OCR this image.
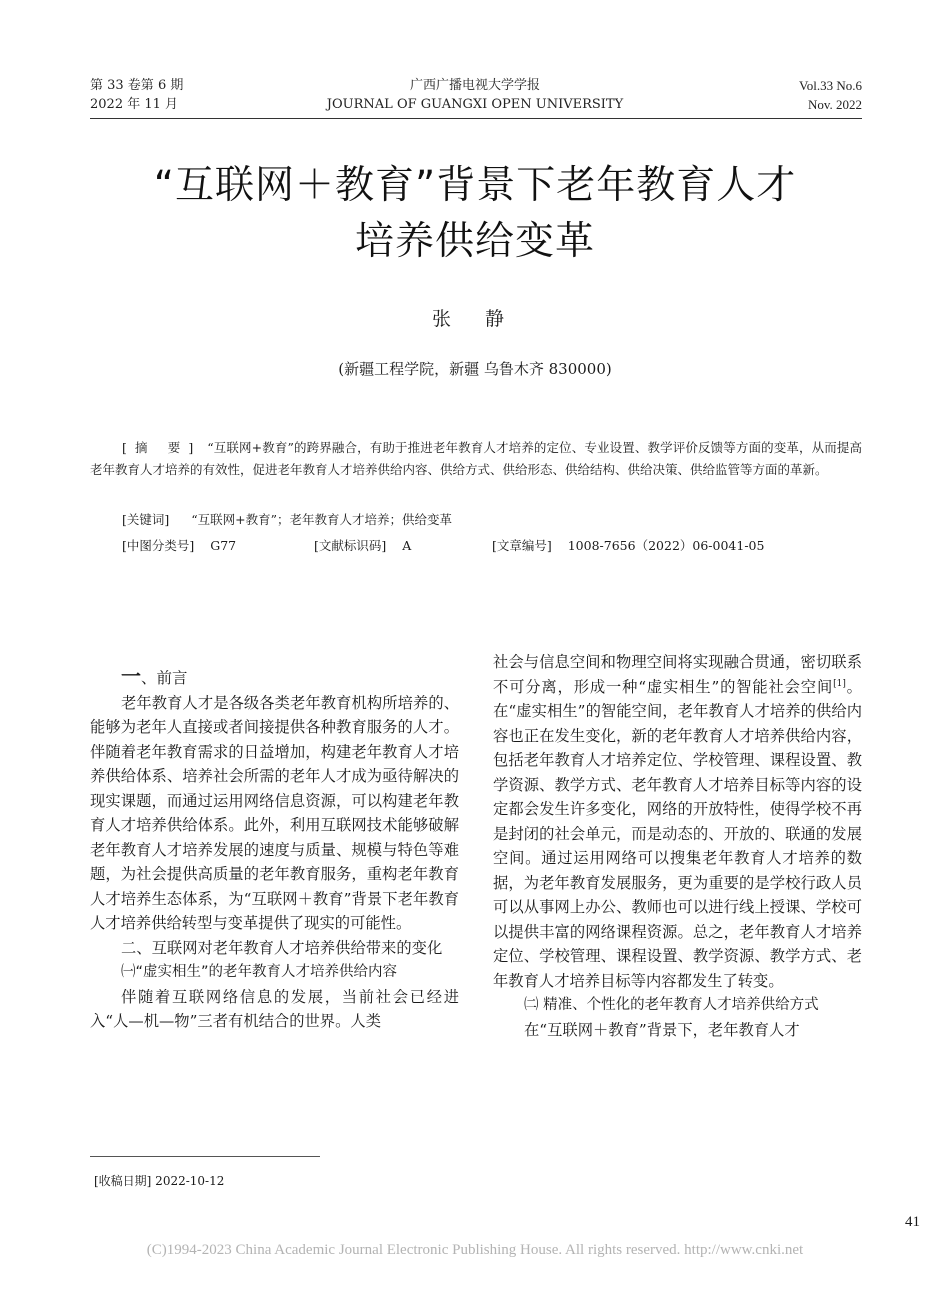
第 33 卷第 6 期
2022 年 11 月
广西广播电视大学学报
JOURNAL OF GUANGXI OPEN UNIVERSITY
Vol.33 No.6
Nov. 2022
“互联网＋教育”背景下老年教育人才
培养供给变革
张 静
(新疆工程学院，新疆 乌鲁木齐 830000)
[摘 要] “互联网+教育”的跨界融合，有助于推进老年教育人才培养的定位、专业设置、教学评价反馈等方面的变革，从而提高老年教育人才培养的有效性，促进老年教育人才培养供给内容、供给方式、供给形态、供给结构、供给决策、供给监管等方面的革新。
[关键词] “互联网+教育”；老年教育人才培养；供给变革
[中图分类号] G77	[文献标识码] A	[文章编号] 1008-7656（2022）06-0041-05

一、前言

老年教育人才是各级各类老年教育机构所培养的、能够为老年人直接或者间接提供各种教育服务的人才。伴随着老年教育需求的日益增加，构建老年教育人才培养供给体系、培养社会所需的老年人才成为亟待解决的现实课题，而通过运用网络信息资源，可以构建老年教育人才培养供给体系。此外，利用互联网技术能够破解老年教育人才培养发展的速度与质量、规模与特色等难题，为社会提供高质量的老年教育服务，重构老年教育人才培养生态体系，为“互联网＋教育”背景下老年教育人才培养供给转型与变革提供了现实的可能性。

二、互联网对老年教育人才培养供给带来的变化

㈠“虚实相生”的老年教育人才培养供给内容

伴随着互联网络信息的发展，当前社会已经进入“人—机—物”三者有机结合的世界。人类

社会与信息空间和物理空间将实现融合贯通，密切联系不可分离，形成一种“虚实相生”的智能社会空间[1]。在“虚实相生”的智能空间，老年教育人才培养的供给内容也正在发生变化，新的老年教育人才培养供给内容，包括老年教育人才培养定位、学校管理、课程设置、教学资源、教学方式、老年教育人才培养目标等内容的设定都会发生许多变化，网络的开放特性，使得学校不再是封闭的社会单元，而是动态的、开放的、联通的发展空间。通过运用网络可以搜集老年教育人才培养的数据，为老年教育发展服务，更为重要的是学校行政人员可以从事网上办公、教师也可以进行线上授课、学校可以提供丰富的网络课程资源。总之，老年教育人才培养定位、学校管理、课程设置、教学资源、教学方式、老年教育人才培养目标等内容都发生了转变。

㈡ 精准、个性化的老年教育人才培养供给方式

在“互联网＋教育”背景下，老年教育人才

[收稿日期] 2022-10-12
41
(C)1994-2023 China Academic Journal Electronic Publishing House. All rights reserved. http://www.cnki.net
